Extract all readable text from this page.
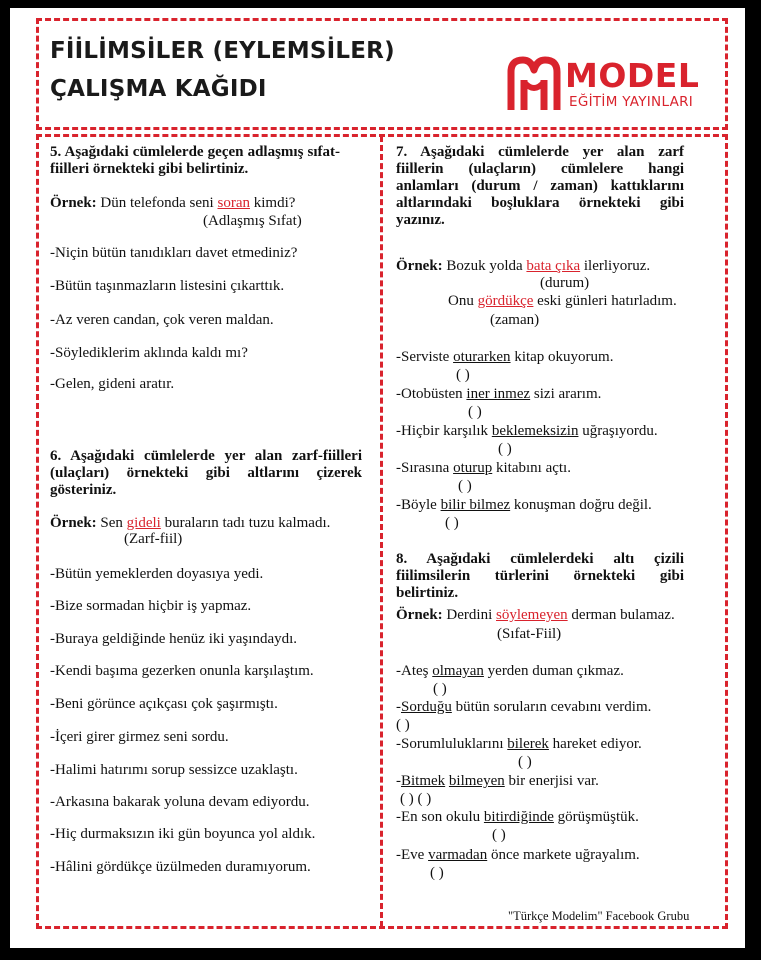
FİİLİMSİLER (EYLEMSİLER)
ÇALIŞMA KAĞIDI	MODEL
EĞİTİM YAYINLARI
5. Aşağıdaki cümlelerde geçen adlaşmış sıfat-fiilleri örnekteki gibi belirtiniz.
Örnek: Dün telefonda seni soran kimdi?
(Adlaşmış Sıfat)
-Niçin bütün tanıdıkları davet etmediniz?
-Bütün taşınmazların listesini çıkarttık.
-Az veren candan, çok veren maldan.
-Söylediklerim aklında kaldı mı?
-Gelen, gideni aratır.
6. Aşağıdaki cümlelerde yer alan zarf-fiilleri (ulaçları) örnekteki gibi altlarını çizerek gösteriniz.
Örnek: Sen gideli buraların tadı tuzu kalmadı.
(Zarf-fiil)
-Bütün yemeklerden doyasıya yedi.
-Bize sormadan hiçbir iş yapmaz.
-Buraya geldiğinde henüz iki yaşındaydı.
-Kendi başıma gezerken onunla karşılaştım.
-Beni görünce açıkçası çok şaşırmıştı.
-İçeri girer girmez seni sordu.
-Halimi hatırımı sorup sessizce uzaklaştı.
-Arkasına bakarak yoluna devam ediyordu.
-Hiç durmaksızın iki gün boyunca yol aldık.
-Hâlini gördükçe üzülmeden duramıyorum.
7. Aşağıdaki cümlelerde yer alan zarf fiillerin (ulaçların) cümlelere hangi anlamları (durum / zaman) kattıklarını altlarındaki boşluklara örnekteki gibi yazınız.
Örnek: Bozuk yolda bata çıka ilerliyoruz.
(durum)
Onu gördükçe eski günleri hatırladım.
(zaman)
-Serviste oturarken kitap okuyorum.
( )
-Otobüsten iner inmez sizi ararım.
( )
-Hiçbir karşılık beklemeksizin uğraşıyordu.
( )
-Sırasına oturup kitabını açtı.
( )
-Böyle bilir bilmez konuşman doğru değil.
( )
8. Aşağıdaki cümlelerdeki altı çizili fiilimsilerin türlerini örnekteki gibi belirtiniz.
Örnek: Derdini söylemeyen derman bulamaz.
(Sıfat-Fiil)
-Ateş olmayan yerden duman çıkmaz.
( )
-Sorduğu bütün soruların cevabını verdim.
( )
-Sorumluluklarını bilerek hareket ediyor.
( )
-Bitmek bilmeyen bir enerjisi var.
( ) ( )
-En son okulu bitirdiğinde görüşmüştük.
( )
-Eve varmadan önce markete uğrayalım.
( )
"Türkçe Modelim" Facebook Grubu
